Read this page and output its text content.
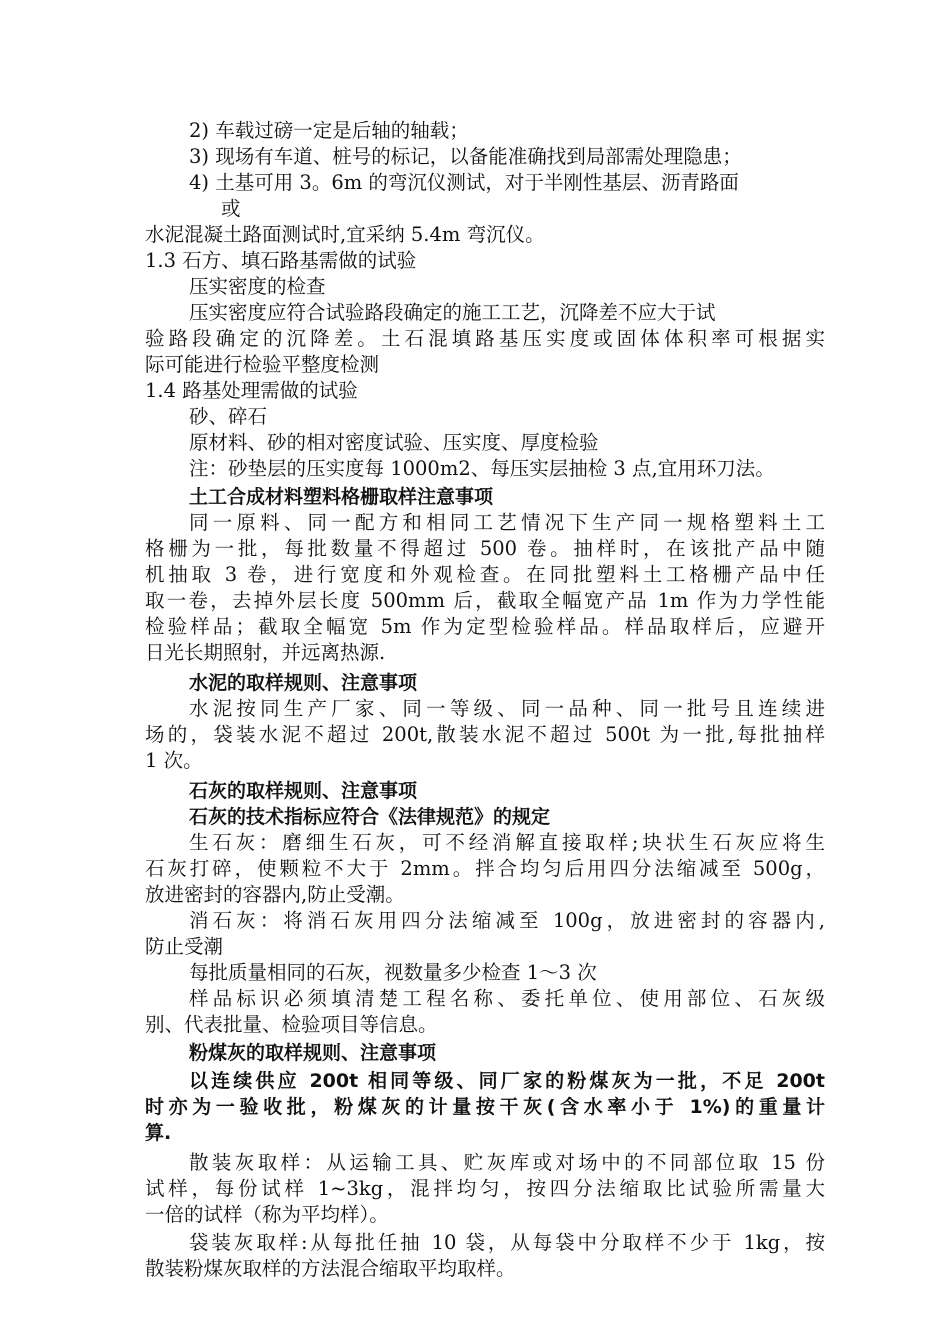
2) 车载过磅一定是后轴的轴载；
3) 现场有车道、桩号的标记，以备能准确找到局部需处理隐患；
4) 土基可用 3。6m 的弯沉仪测试，对于半刚性基层、沥青路面
或
水泥混凝土路面测试时,宜采纳 5.4m 弯沉仪。
1.3 石方、填石路基需做的试验
压实密度的检查
压实密度应符合试验路段确定的施工工艺，沉降差不应大于试
验路段确定的沉降差。土石混填路基压实度或固体体积率可根据实
际可能进行检验平整度检测
1.4 路基处理需做的试验
砂、碎石
原材料、砂的相对密度试验、压实度、厚度检验
注：砂垫层的压实度每 1000m2、每压实层抽检 3 点,宜用环刀法。
土工合成材料塑料格栅取样注意事项
同一原料、同一配方和相同工艺情况下生产同一规格塑料土工
格栅为一批，每批数量不得超过 500 卷。抽样时，在该批产品中随
机抽取 3 卷，进行宽度和外观检查。在同批塑料土工格栅产品中任
取一卷，去掉外层长度 500mm 后，截取全幅宽产品 1m 作为力学性能
检验样品；截取全幅宽 5m 作为定型检验样品。样品取样后，应避开
日光长期照射，并远离热源.
水泥的取样规则、注意事项
水泥按同生产厂家、同一等级、同一品种、同一批号且连续进
场的，袋装水泥不超过 200t,散装水泥不超过 500t 为一批,每批抽样
1 次。
石灰的取样规则、注意事项
石灰的技术指标应符合《法律规范》的规定
生石灰：磨细生石灰，可不经消解直接取样;块状生石灰应将生
石灰打碎，使颗粒不大于 2mm。拌合均匀后用四分法缩减至 500g，
放进密封的容器内,防止受潮。
消石灰：将消石灰用四分法缩减至 100g，放进密封的容器内,
防止受潮
每批质量相同的石灰，视数量多少检查 1～3 次
样品标识必须填清楚工程名称、委托单位、使用部位、石灰级
别、代表批量、检验项目等信息。
粉煤灰的取样规则、注意事项
以连续供应 200t 相同等级、同厂家的粉煤灰为一批，不足 200t
时亦为一验收批，粉煤灰的计量按干灰(含水率小于 1%)的重量计
算.
散装灰取样：从运输工具、贮灰库或对场中的不同部位取 15 份
试样，每份试样 1~3kg，混拌均匀，按四分法缩取比试验所需量大
一倍的试样（称为平均样）。
袋装灰取样:从每批任抽 10 袋，从每袋中分取样不少于 1kg，按
散装粉煤灰取样的方法混合缩取平均取样。
